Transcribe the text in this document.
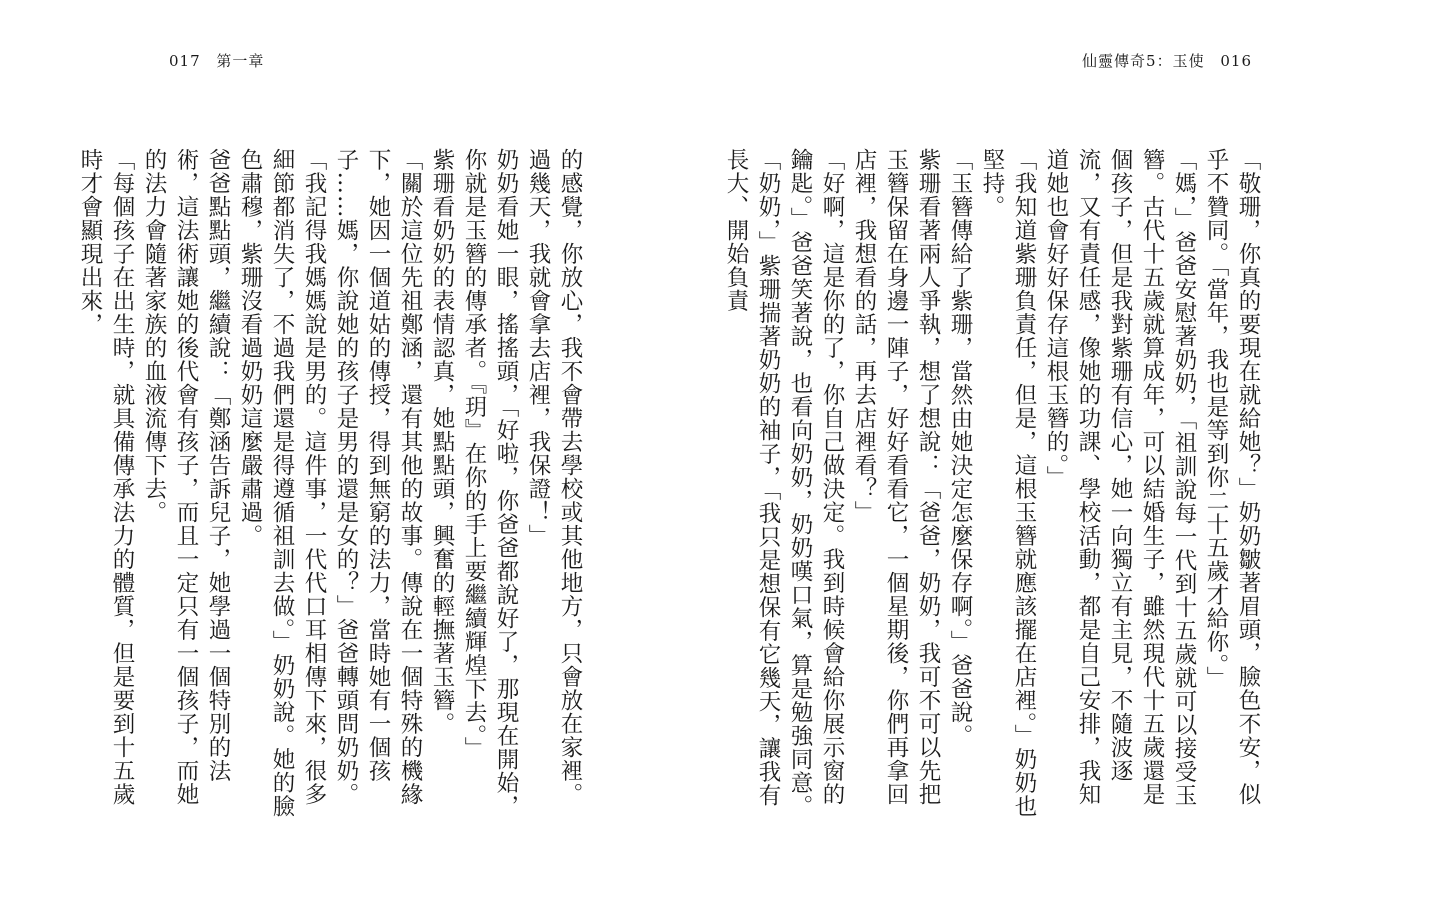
017 第一章	仙靈傳奇5：玉使 016

「敬珊，你真的要現在就給她？」奶奶皺著眉頭，臉色不安，似乎不贊同。「當年，我也是等到你二十五歲才給你。」

「媽，」爸爸安慰著奶奶，「祖訓說每一代到十五歲就可以接受玉簪。古代十五歲就算成年，可以結婚生子，雖然現代十五歲還是個孩子，但是我對紫珊有信心，她一向獨立有主見，不隨波逐流，又有責任感，像她的功課、學校活動，都是自己安排，我知道她也會好好保存這根玉簪的。」

「我知道紫珊負責任，但是，這根玉簪就應該擺在店裡。」奶奶也堅持。

「玉簪傳給了紫珊，當然由她決定怎麼保存啊。」爸爸說。

紫珊看著兩人爭執，想了想說：「爸爸，奶奶，我可不可以先把玉簪保留在身邊一陣子，好好看看它，一個星期後，你們再拿回店裡，我想看的話，再去店裡看？」

「好啊，這是你的了，你自己做決定。我到時候會給你展示窗的鑰匙。」爸爸笑著說，也看向奶奶，奶奶嘆口氣，算是勉強同意。

「奶奶，」紫珊揣著奶奶的袖子，「我只是想保有它幾天，讓我有長大、開始負責

的感覺，你放心，我不會帶去學校或其他地方，只會放在家裡。過幾天，我就會拿去店裡，我保證！」

奶奶看她一眼，搖搖頭，「好啦，你爸爸都說好了，那現在開始，你就是玉簪的傳承者。『玥』在你的手上要繼續輝煌下去。」

紫珊看奶奶的表情認真，她點點頭，興奮的輕撫著玉簪。

「關於這位先祖鄭涵，還有其他的故事。傳說在一個特殊的機緣下，她因一個道姑的傳授，得到無窮的法力，當時她有一個孩子……媽，你說她的孩子是男的還是女的？」爸爸轉頭問奶奶。

「我記得我媽媽說是男的。這件事，一代代口耳相傳下來，很多細節都消失了，不過我們還是得遵循祖訓去做。」奶奶說。她的臉色肅穆，紫珊沒看過奶奶這麼嚴肅過。

爸爸點點頭，繼續說：「鄭涵告訴兒子，她學過一個特別的法術，這法術讓她的後代會有孩子，而且一定只有一個孩子，而她的法力會隨著家族的血液流傳下去。

「每個孩子在出生時，就具備傳承法力的體質，但是要到十五歲時才會顯現出來，
